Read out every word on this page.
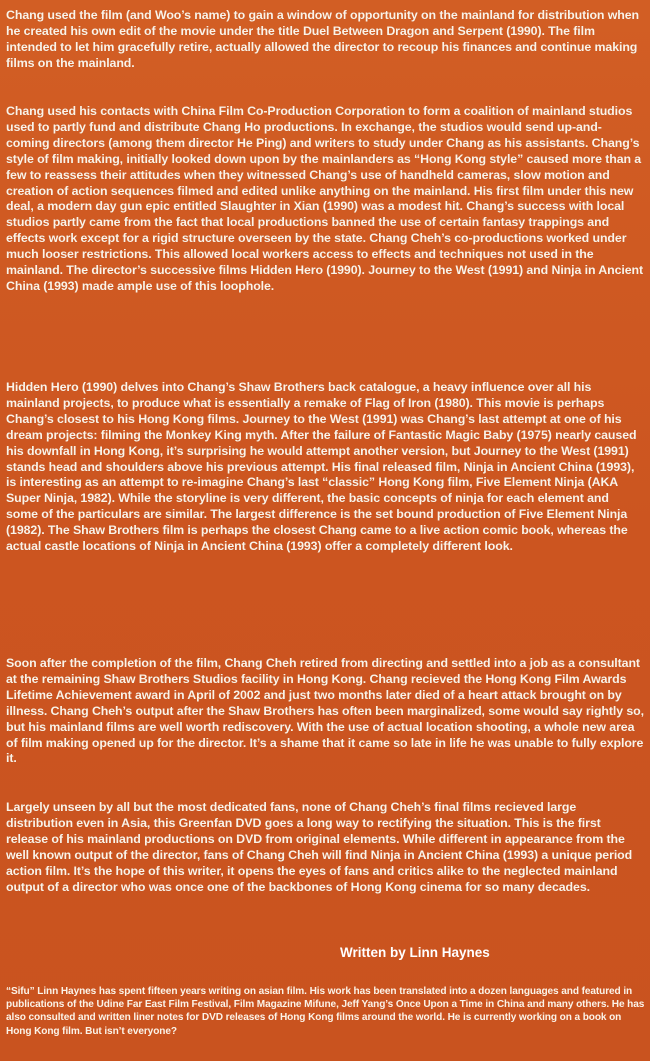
Chang used the film (and Woo’s name) to gain a window of opportunity on the mainland for distribution when he created his own edit of the movie under the title Duel Between Dragon and Serpent (1990). The film intended to let him gracefully retire, actually allowed the director to recoup his finances and continue making films on the mainland.

Chang used his contacts with China Film Co-Production Corporation to form a coalition of mainland studios used to partly fund and distribute Chang Ho productions. In exchange, the studios would send up-and-coming directors (among them director He Ping) and writers to study under Chang as his assistants. Chang’s style of film making, initially looked down upon by the mainlanders as “Hong Kong style” caused more than a few to reassess their attitudes when they witnessed Chang’s use of handheld cameras, slow motion and creation of action sequences filmed and edited unlike anything on the mainland. His first film under this new deal, a modern day gun epic entitled Slaughter in Xian (1990) was a modest hit. Chang’s success with local studios partly came from the fact that local productions banned the use of certain fantasy trappings and effects work except for a rigid structure overseen by the state. Chang Cheh’s co-productions worked under much looser restrictions. This allowed local workers access to effects and techniques not used in the mainland. The director’s successive films Hidden Hero (1990). Journey to the West (1991) and Ninja in Ancient China (1993) made ample use of this loophole.

Hidden Hero (1990) delves into Chang’s Shaw Brothers back catalogue, a heavy influence over all his mainland projects, to produce what is essentially a remake of Flag of Iron (1980). This movie is perhaps Chang’s closest to his Hong Kong films. Journey to the West (1991) was Chang’s last attempt at one of his dream projects: filming the Monkey King myth. After the failure of Fantastic Magic Baby (1975) nearly caused his downfall in Hong Kong, it’s surprising he would attempt another version, but Journey to the West (1991) stands head and shoulders above his previous attempt. His final released film, Ninja in Ancient China (1993), is interesting as an attempt to re-imagine Chang’s last “classic” Hong Kong film, Five Element Ninja (AKA Super Ninja, 1982). While the storyline is very different, the basic concepts of ninja for each element and some of the particulars are similar. The largest difference is the set bound production of Five Element Ninja (1982). The Shaw Brothers film is perhaps the closest Chang came to a live action comic book, whereas the actual castle locations of Ninja in Ancient China (1993) offer a completely different look.

Soon after the completion of the film, Chang Cheh retired from directing and settled into a job as a consultant at the remaining Shaw Brothers Studios facility in Hong Kong. Chang recieved the Hong Kong Film Awards Lifetime Achievement award in April of 2002 and just two months later died of a heart attack brought on by illness. Chang Cheh’s output after the Shaw Brothers has often been marginalized, some would say rightly so, but his mainland films are well worth rediscovery. With the use of actual location shooting, a whole new area of film making opened up for the director. It’s a shame that it came so late in life he was unable to fully explore it.

Largely unseen by all but the most dedicated fans, none of Chang Cheh’s final films recieved large distribution even in Asia, this Greenfan DVD goes a long way to rectifying the situation. This is the first release of his mainland productions on DVD from original elements. While different in appearance from the well known output of the director, fans of Chang Cheh will find Ninja in Ancient China (1993) a unique period action film. It’s the hope of this writer, it opens the eyes of fans and critics alike to the neglected mainland output of a director who was once one of the backbones of Hong Kong cinema for so many decades.

Written by Linn Haynes

“Sifu” Linn Haynes has spent fifteen years writing on asian film. His work has been translated into a dozen languages and featured in publications of the Udine Far East Film Festival, Film Magazine Mifune, Jeff Yang’s Once Upon a Time in China and many others. He has also consulted and written liner notes for DVD releases of Hong Kong films around the world. He is currently working on a book on Hong Kong film. But isn’t everyone?
